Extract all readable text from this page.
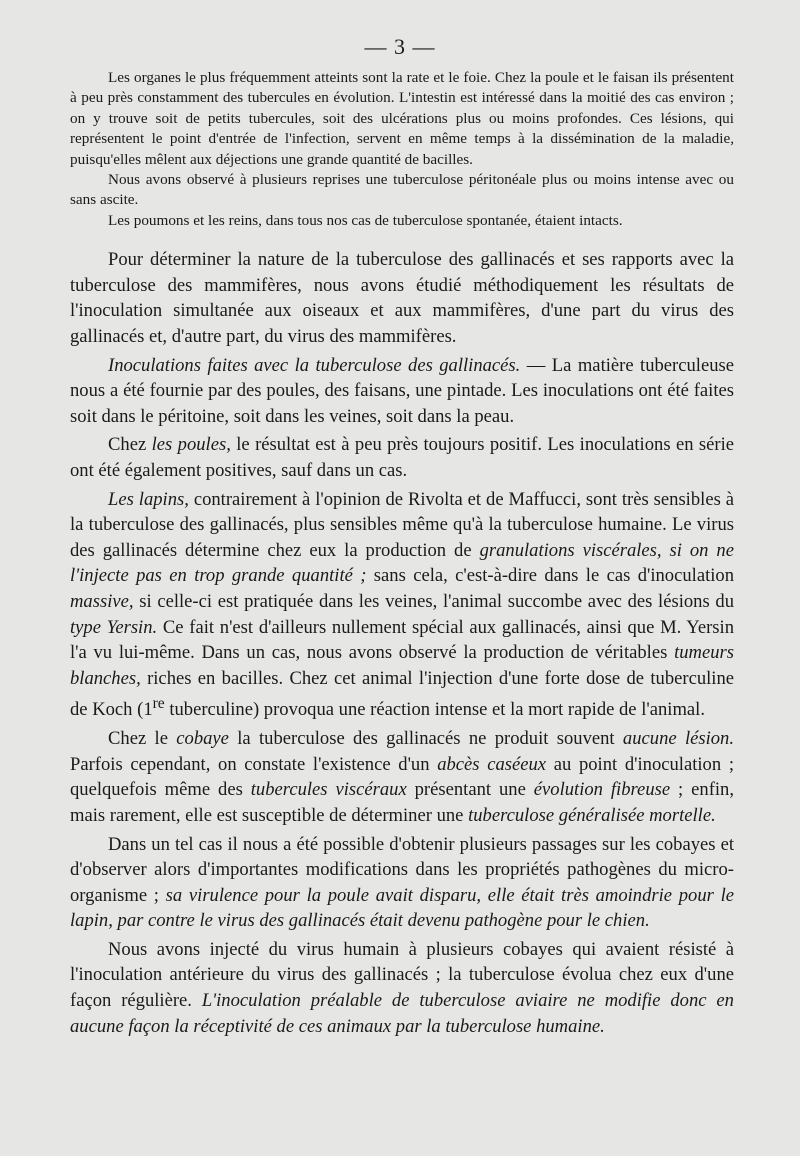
— 3 —

Les organes le plus fréquemment atteints sont la rate et le foie. Chez la poule et le faisan ils présentent à peu près constamment des tubercules en évolution. L'intestin est intéressé dans la moitié des cas environ ; on y trouve soit de petits tubercules, soit des ulcérations plus ou moins profondes. Ces lésions, qui représentent le point d'entrée de l'infection, servent en même temps à la dissémination de la maladie, puisqu'elles mêlent aux déjections une grande quantité de bacilles.

Nous avons observé à plusieurs reprises une tuberculose péritonéale plus ou moins intense avec ou sans ascite.

Les poumons et les reins, dans tous nos cas de tuberculose spontanée, étaient intacts.

Pour déterminer la nature de la tuberculose des gallinacés et ses rapports avec la tuberculose des mammifères, nous avons étudié méthodiquement les résultats de l'inoculation simultanée aux oiseaux et aux mammifères, d'une part du virus des gallinacés et, d'autre part, du virus des mammifères.

Inoculations faites avec la tuberculose des gallinacés. — La matière tuberculeuse nous a été fournie par des poules, des faisans, une pintade. Les inoculations ont été faites soit dans le péritoine, soit dans les veines, soit dans la peau.

Chez les poules, le résultat est à peu près toujours positif. Les inoculations en série ont été également positives, sauf dans un cas.

Les lapins, contrairement à l'opinion de Rivolta et de Maffucci, sont très sensibles à la tuberculose des gallinacés, plus sensibles même qu'à la tuberculose humaine. Le virus des gallinacés détermine chez eux la production de granulations viscérales, si on ne l'injecte pas en trop grande quantité ; sans cela, c'est-à-dire dans le cas d'inoculation massive, si celle-ci est pratiquée dans les veines, l'animal succombe avec des lésions du type Yersin. Ce fait n'est d'ailleurs nullement spécial aux gallinacés, ainsi que M. Yersin l'a vu lui-même. Dans un cas, nous avons observé la production de véritables tumeurs blanches, riches en bacilles. Chez cet animal l'injection d'une forte dose de tuberculine de Koch (1re tuberculine) provoqua une réaction intense et la mort rapide de l'animal.

Chez le cobaye la tuberculose des gallinacés ne produit souvent aucune lésion. Parfois cependant, on constate l'existence d'un abcès caséeux au point d'inoculation ; quelquefois même des tubercules viscéraux présentant une évolution fibreuse ; enfin, mais rarement, elle est susceptible de déterminer une tuberculose généralisée mortelle.

Dans un tel cas il nous a été possible d'obtenir plusieurs passages sur les cobayes et d'observer alors d'importantes modifications dans les propriétés pathogènes du micro-organisme ; sa virulence pour la poule avait disparu, elle était très amoindrie pour le lapin, par contre le virus des gallinacés était devenu pathogène pour le chien.

Nous avons injecté du virus humain à plusieurs cobayes qui avaient résisté à l'inoculation antérieure du virus des gallinacés ; la tuberculose évolua chez eux d'une façon régulière. L'inoculation préalable de tuberculose aviaire ne modifie donc en aucune façon la réceptivité de ces animaux par la tuberculose humaine.
